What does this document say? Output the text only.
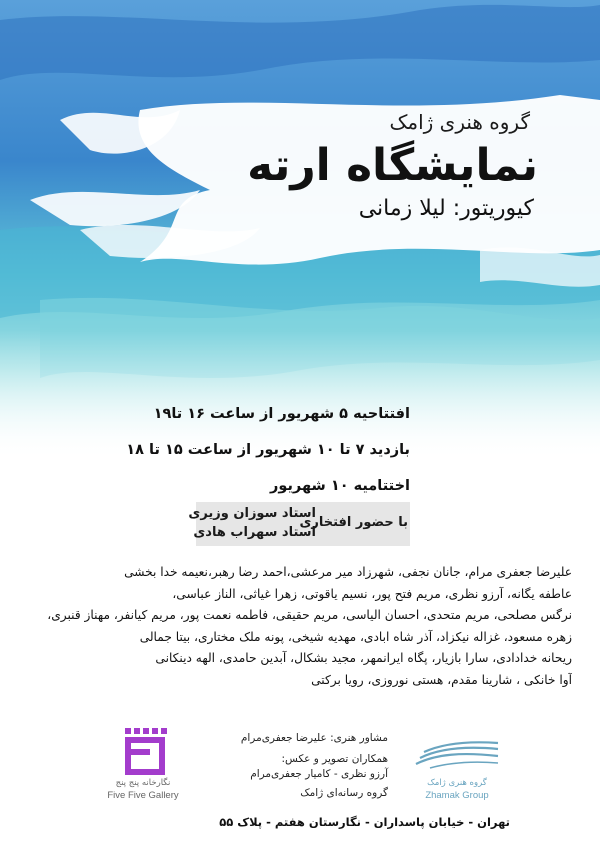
گروه هنری ژامک
نمایشگاه ارته
کیوریتور: لیلا زمانی
افتتاحیه ۵ شهریور از ساعت ۱۶ تا۱۹
بازدید ۷ تا ۱۰ شهریور از ساعت ۱۵ تا ۱۸
اختتامیه ۱۰ شهریور
با حضور افتخاری
استاد سوزان وزیری
استاد سهراب هادی
علیرضا جعفری مرام، جانان نجفی، شهرزاد میر مرعشی،احمد رضا رهبر،نعیمه خدا بخشی
عاطفه یگانه، آرزو نظری، مریم فتح پور، نسیم یاقوتی، زهرا غیاثی، الناز عباسی،
نرگس مصلحی، مریم متحدی، احسان الیاسی، مریم حقیقی، فاطمه نعمت پور، مریم کیانفر، مهناز قنبری،
زهره مسعود، غزاله نیکزاد، آذر شاه ابادی، مهدیه شیخی، پونه ملک مختاری، بیتا جمالی
ریحانه خدادادی، سارا بازیار، پگاه ایرانمهر، مجید بشکال، آبدین حامدی، الهه دینکانی
آوا خانکی ، شارینا مقدم، هستی نوروزی، رویا برکتی
مشاور هنری: علیرضا جعفری‌مرام
همکاران تصویر و عکس:
آرزو نظری - کامیار جعفری‌مرام
گروه رسانه‌ای ژامک
نگارخانه پنج پنج
Five Five Gallery
گروه هنری ژامک
Zhamak Group
تهران - خیابان پاسداران - نگارستان هفتم - پلاک ۵۵
